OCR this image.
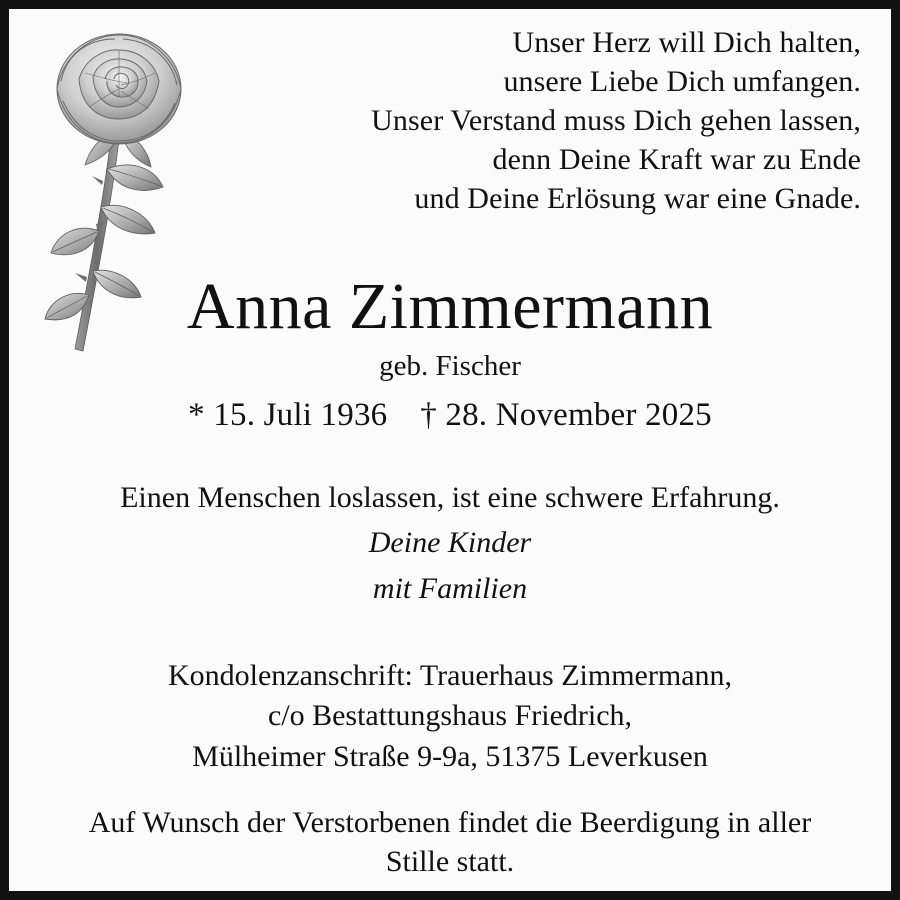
Unser Herz will Dich halten,
unsere Liebe Dich umfangen.
Unser Verstand muss Dich gehen lassen,
denn Deine Kraft war zu Ende
und Deine Erlösung war eine Gnade.
Anna Zimmermann
geb. Fischer
* 15. Juli 1936 † 28. November 2025
Einen Menschen loslassen, ist eine schwere Erfahrung.
Deine Kinder
mit Familien
Kondolenzanschrift: Trauerhaus Zimmermann,
c/o Bestattungshaus Friedrich,
Mülheimer Straße 9-9a, 51375 Leverkusen
Auf Wunsch der Verstorbenen findet die Beerdigung in aller
Stille statt.
